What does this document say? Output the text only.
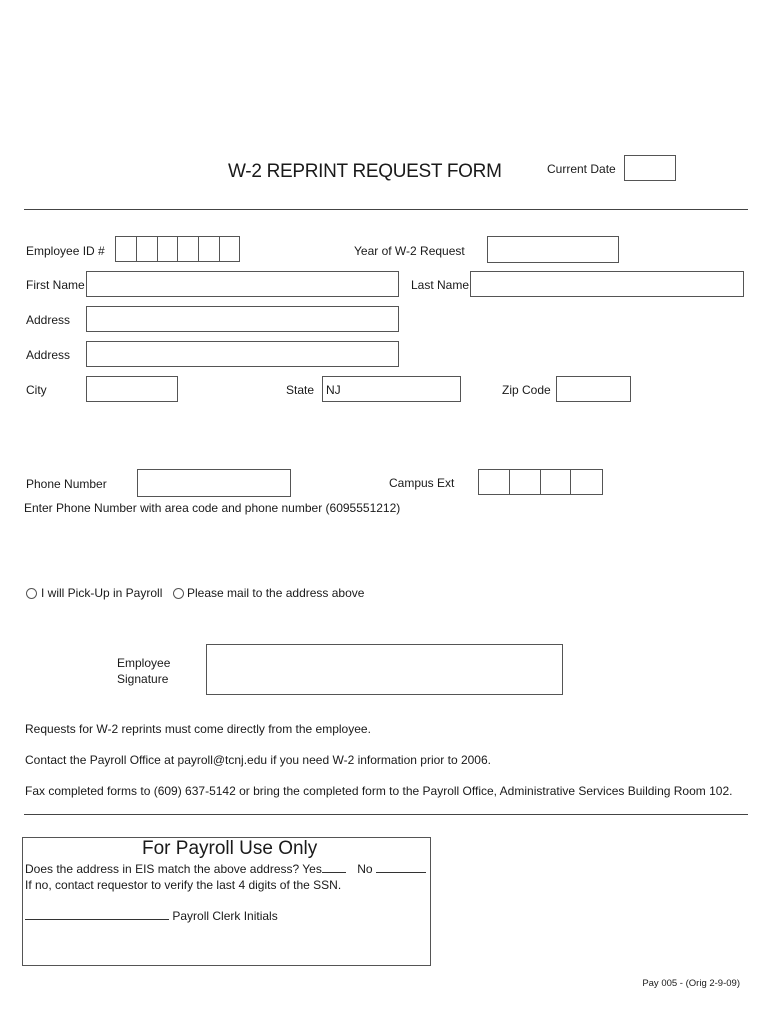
W-2 REPRINT REQUEST FORM	Current Date
Employee ID #	Year of W-2 Request
First Name	Last Name
Address
Address
City	State NJ	Zip Code
Phone Number	Campus Ext
Enter Phone Number with area code and phone number (6095551212)
I will Pick-Up in Payroll Please mail to the address above
Employee
Signature
Requests for W-2 reprints must come directly from the employee.
Contact the Payroll Office at payroll@tcnj.edu if you need W-2 information prior to 2006.
Fax completed forms to (609) 637-5142 or bring the completed form to the Payroll Office, Administrative Services Building Room 102.
For Payroll Use Only
Does the address in EIS match the above address? Yes	No
If no, contact requestor to verify the last 4 digits of the SSN.
Payroll Clerk Initials
Pay 005 - (Orig 2-9-09)
